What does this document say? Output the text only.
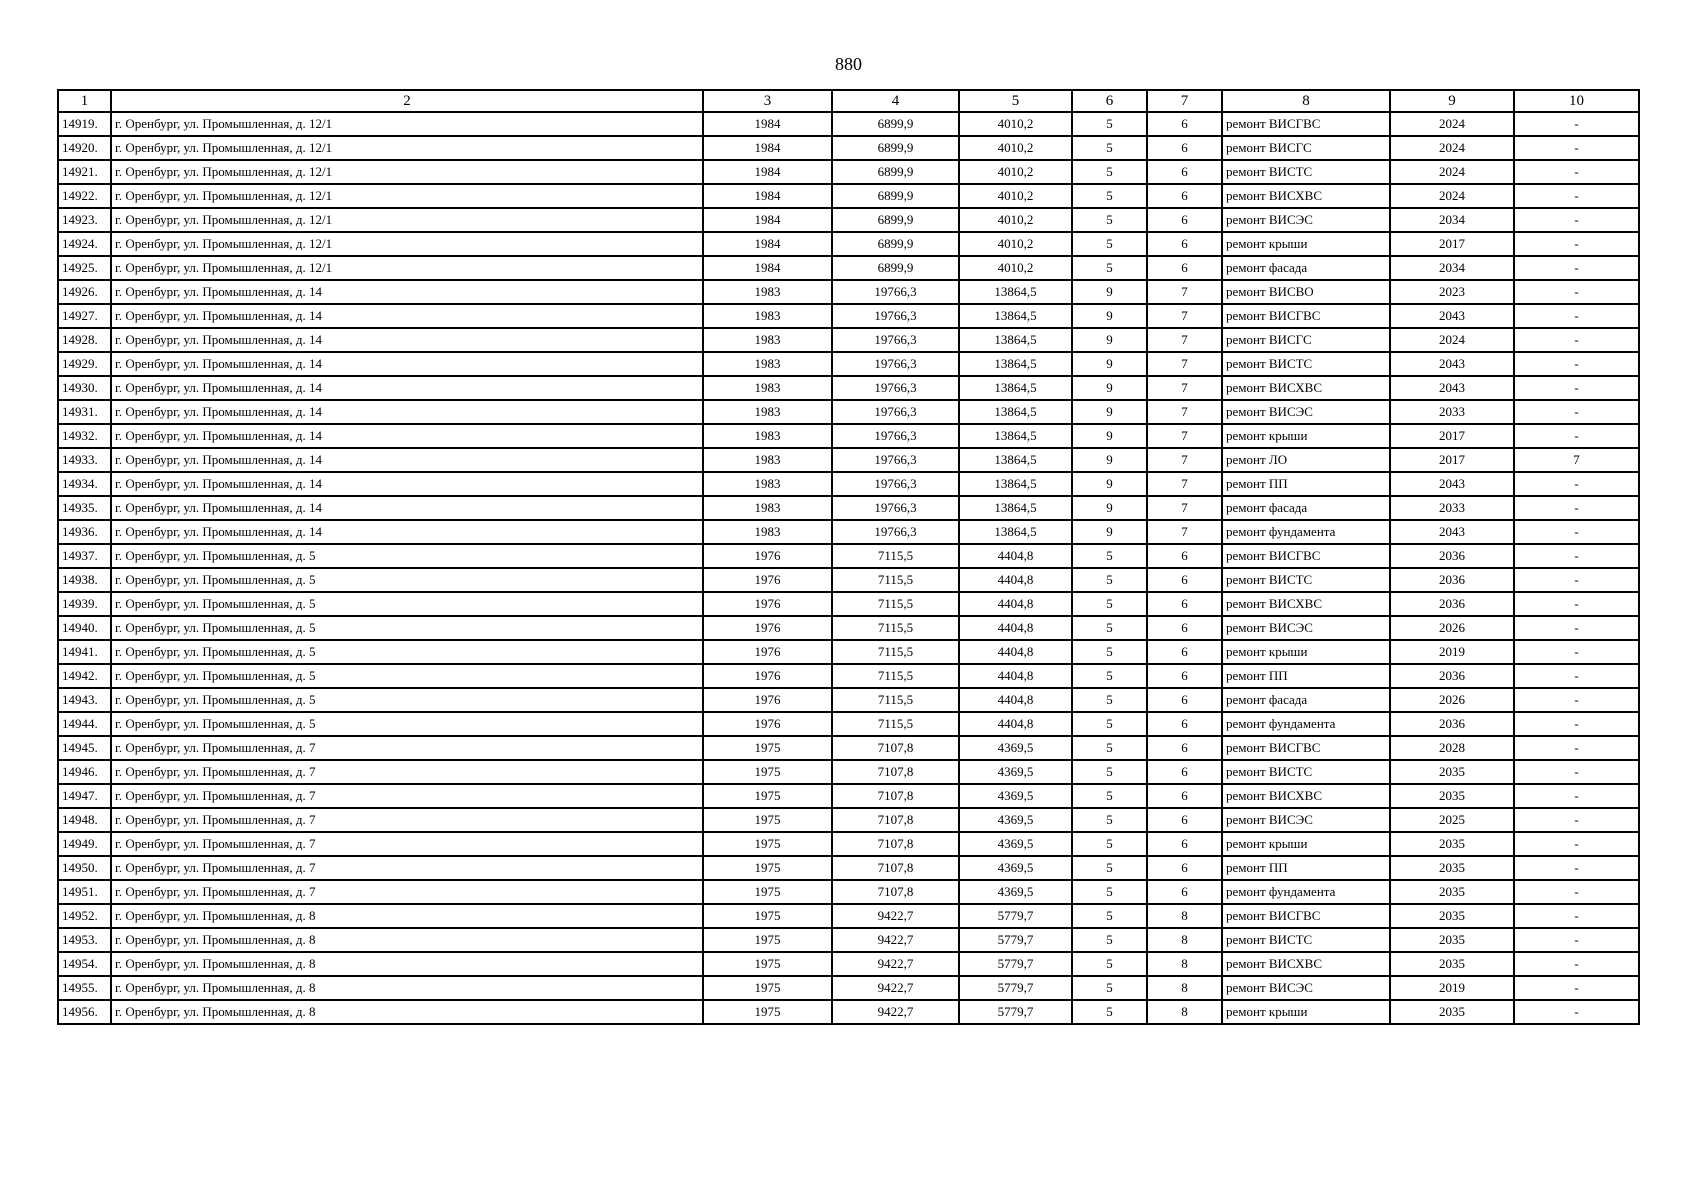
880
1	2	3	4	5	6	7	8	9	10
14919.	г. Оренбург, ул. Промышленная, д. 12/1	1984	6899,9	4010,2	5	6	ремонт ВИСГВС	2024	-
14920.	г. Оренбург, ул. Промышленная, д. 12/1	1984	6899,9	4010,2	5	6	ремонт ВИСГС	2024	-
14921.	г. Оренбург, ул. Промышленная, д. 12/1	1984	6899,9	4010,2	5	6	ремонт ВИСТС	2024	-
14922.	г. Оренбург, ул. Промышленная, д. 12/1	1984	6899,9	4010,2	5	6	ремонт ВИСХВС	2024	-
14923.	г. Оренбург, ул. Промышленная, д. 12/1	1984	6899,9	4010,2	5	6	ремонт ВИСЭС	2034	-
14924.	г. Оренбург, ул. Промышленная, д. 12/1	1984	6899,9	4010,2	5	6	ремонт крыши	2017	-
14925.	г. Оренбург, ул. Промышленная, д. 12/1	1984	6899,9	4010,2	5	6	ремонт фасада	2034	-
14926.	г. Оренбург, ул. Промышленная, д. 14	1983	19766,3	13864,5	9	7	ремонт ВИСВО	2023	-
14927.	г. Оренбург, ул. Промышленная, д. 14	1983	19766,3	13864,5	9	7	ремонт ВИСГВС	2043	-
14928.	г. Оренбург, ул. Промышленная, д. 14	1983	19766,3	13864,5	9	7	ремонт ВИСГС	2024	-
14929.	г. Оренбург, ул. Промышленная, д. 14	1983	19766,3	13864,5	9	7	ремонт ВИСТС	2043	-
14930.	г. Оренбург, ул. Промышленная, д. 14	1983	19766,3	13864,5	9	7	ремонт ВИСХВС	2043	-
14931.	г. Оренбург, ул. Промышленная, д. 14	1983	19766,3	13864,5	9	7	ремонт ВИСЭС	2033	-
14932.	г. Оренбург, ул. Промышленная, д. 14	1983	19766,3	13864,5	9	7	ремонт крыши	2017	-
14933.	г. Оренбург, ул. Промышленная, д. 14	1983	19766,3	13864,5	9	7	ремонт ЛО	2017	7
14934.	г. Оренбург, ул. Промышленная, д. 14	1983	19766,3	13864,5	9	7	ремонт ПП	2043	-
14935.	г. Оренбург, ул. Промышленная, д. 14	1983	19766,3	13864,5	9	7	ремонт фасада	2033	-
14936.	г. Оренбург, ул. Промышленная, д. 14	1983	19766,3	13864,5	9	7	ремонт фундамента	2043	-
14937.	г. Оренбург, ул. Промышленная, д. 5	1976	7115,5	4404,8	5	6	ремонт ВИСГВС	2036	-
14938.	г. Оренбург, ул. Промышленная, д. 5	1976	7115,5	4404,8	5	6	ремонт ВИСТС	2036	-
14939.	г. Оренбург, ул. Промышленная, д. 5	1976	7115,5	4404,8	5	6	ремонт ВИСХВС	2036	-
14940.	г. Оренбург, ул. Промышленная, д. 5	1976	7115,5	4404,8	5	6	ремонт ВИСЭС	2026	-
14941.	г. Оренбург, ул. Промышленная, д. 5	1976	7115,5	4404,8	5	6	ремонт крыши	2019	-
14942.	г. Оренбург, ул. Промышленная, д. 5	1976	7115,5	4404,8	5	6	ремонт ПП	2036	-
14943.	г. Оренбург, ул. Промышленная, д. 5	1976	7115,5	4404,8	5	6	ремонт фасада	2026	-
14944.	г. Оренбург, ул. Промышленная, д. 5	1976	7115,5	4404,8	5	6	ремонт фундамента	2036	-
14945.	г. Оренбург, ул. Промышленная, д. 7	1975	7107,8	4369,5	5	6	ремонт ВИСГВС	2028	-
14946.	г. Оренбург, ул. Промышленная, д. 7	1975	7107,8	4369,5	5	6	ремонт ВИСТС	2035	-
14947.	г. Оренбург, ул. Промышленная, д. 7	1975	7107,8	4369,5	5	6	ремонт ВИСХВС	2035	-
14948.	г. Оренбург, ул. Промышленная, д. 7	1975	7107,8	4369,5	5	6	ремонт ВИСЭС	2025	-
14949.	г. Оренбург, ул. Промышленная, д. 7	1975	7107,8	4369,5	5	6	ремонт крыши	2035	-
14950.	г. Оренбург, ул. Промышленная, д. 7	1975	7107,8	4369,5	5	6	ремонт ПП	2035	-
14951.	г. Оренбург, ул. Промышленная, д. 7	1975	7107,8	4369,5	5	6	ремонт фундамента	2035	-
14952.	г. Оренбург, ул. Промышленная, д. 8	1975	9422,7	5779,7	5	8	ремонт ВИСГВС	2035	-
14953.	г. Оренбург, ул. Промышленная, д. 8	1975	9422,7	5779,7	5	8	ремонт ВИСТС	2035	-
14954.	г. Оренбург, ул. Промышленная, д. 8	1975	9422,7	5779,7	5	8	ремонт ВИСХВС	2035	-
14955.	г. Оренбург, ул. Промышленная, д. 8	1975	9422,7	5779,7	5	8	ремонт ВИСЭС	2019	-
14956.	г. Оренбург, ул. Промышленная, д. 8	1975	9422,7	5779,7	5	8	ремонт крыши	2035	-
